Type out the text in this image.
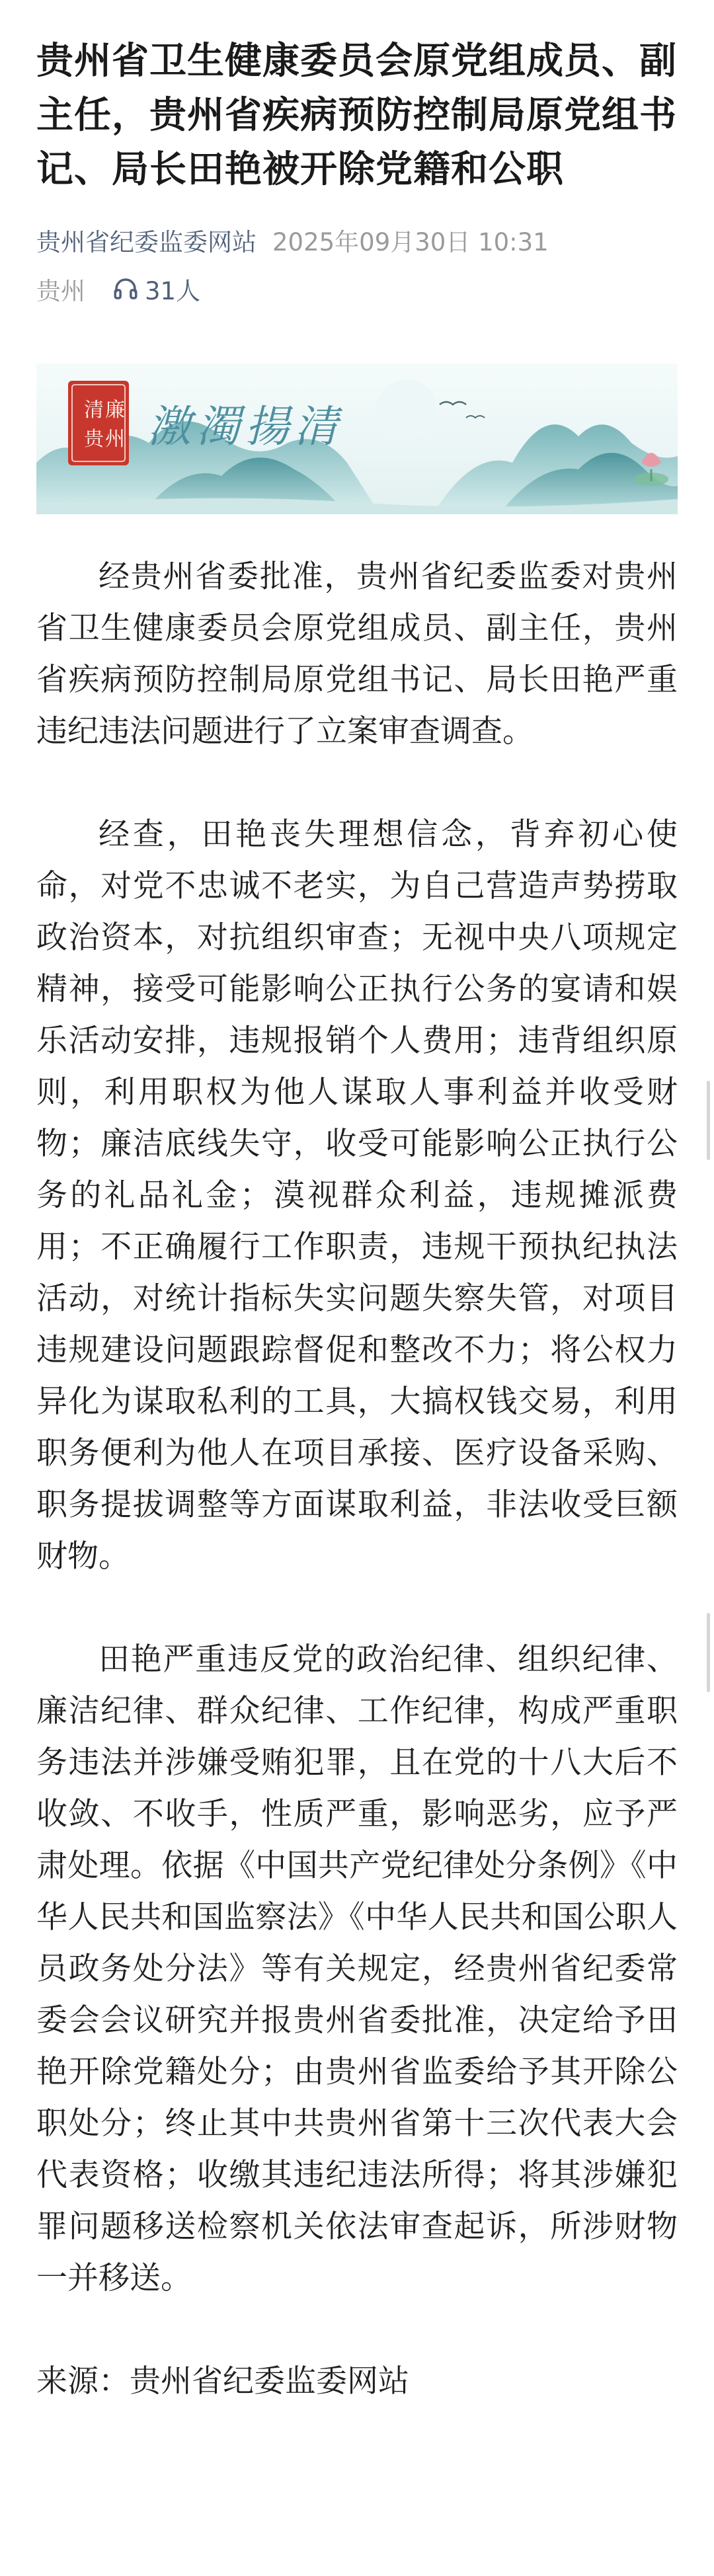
贵州省卫生健康委员会原党组成员、副主任，贵州省疾病预防控制局原党组书记、局长田艳被开除党籍和公职
贵州省纪委监委网站 2025年09月30日 10:31
贵州 31人
清 廉
贵 州 激濁揚清

经贵州省委批准，贵州省纪委监委对贵州省卫生健康委员会原党组成员、副主任，贵州省疾病预防控制局原党组书记、局长田艳严重违纪违法问题进行了立案审查调查。

经查，田艳丧失理想信念，背弃初心使命，对党不忠诚不老实，为自己营造声势捞取政治资本，对抗组织审查；无视中央八项规定精神，接受可能影响公正执行公务的宴请和娱乐活动安排，违规报销个人费用；违背组织原则，利用职权为他人谋取人事利益并收受财物；廉洁底线失守，收受可能影响公正执行公务的礼品礼金；漠视群众利益，违规摊派费用；不正确履行工作职责，违规干预执纪执法活动，对统计指标失实问题失察失管，对项目违规建设问题跟踪督促和整改不力；将公权力异化为谋取私利的工具，大搞权钱交易，利用职务便利为他人在项目承接、医疗设备采购、职务提拔调整等方面谋取利益，非法收受巨额财物。

田艳严重违反党的政治纪律、组织纪律、廉洁纪律、群众纪律、工作纪律，构成严重职务违法并涉嫌受贿犯罪，且在党的十八大后不收敛、不收手，性质严重，影响恶劣，应予严肃处理。依据《中国共产党纪律处分条例》《中华人民共和国监察法》《中华人民共和国公职人员政务处分法》等有关规定，经贵州省纪委常委会会议研究并报贵州省委批准，决定给予田艳开除党籍处分；由贵州省监委给予其开除公职处分；终止其中共贵州省第十三次代表大会代表资格；收缴其违纪违法所得；将其涉嫌犯罪问题移送检察机关依法审查起诉，所涉财物一并移送。

来源：贵州省纪委监委网站
